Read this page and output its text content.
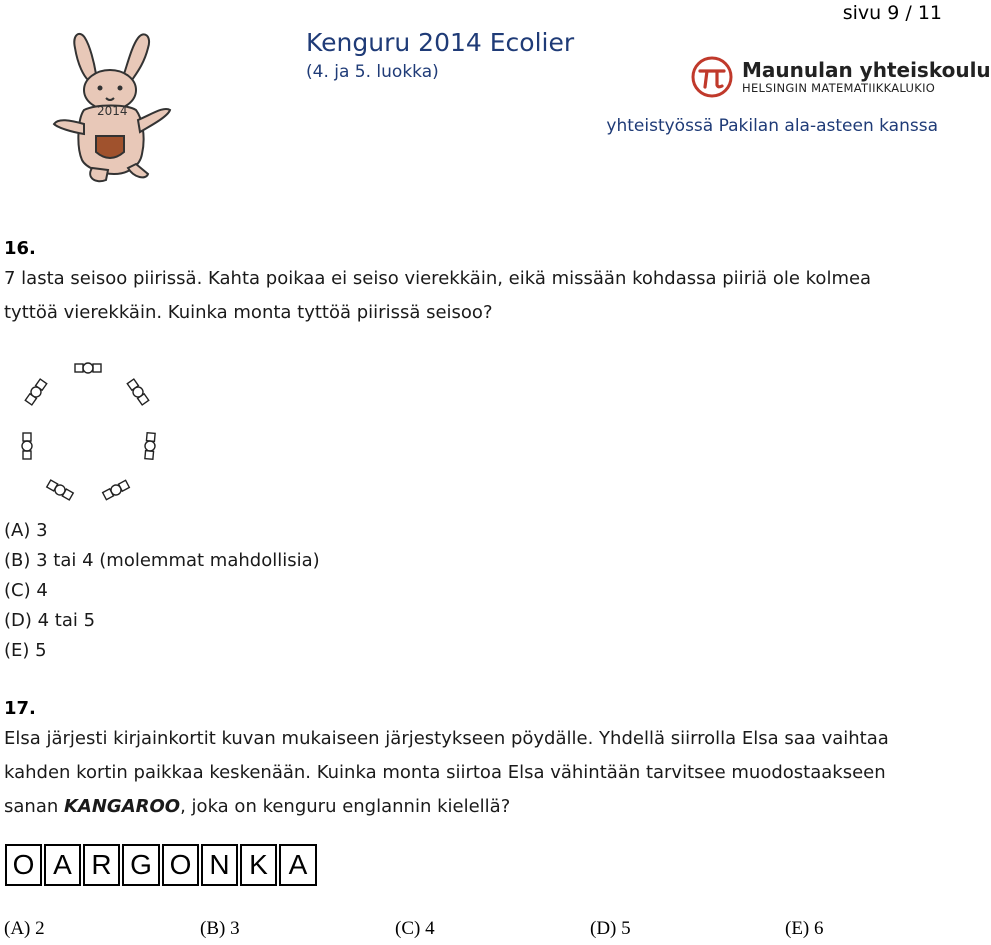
sivu 9 / 11
2014
Kenguru 2014 Ecolier
(4. ja 5. luokka)	Maunulan yhteiskoulu
HELSINGIN MATEMATIIKKALUKIO
yhteistyössä Pakilan ala-asteen kanssa
16.
7 lasta seisoo piirissä. Kahta poikaa ei seiso vierekkäin, eikä missään kohdassa piiriä ole kolmea
tyttöä vierekkäin. Kuinka monta tyttöä piirissä seisoo?
(A) 3
(B) 3 tai 4 (molemmat mahdollisia)
(C) 4
(D) 4 tai 5
(E) 5
17.
Elsa järjesti kirjainkortit kuvan mukaiseen järjestykseen pöydälle. Yhdellä siirrolla Elsa saa vaihtaa
kahden kortin paikkaa keskenään. Kuinka monta siirtoa Elsa vähintään tarvitsee muodostaakseen
sanan KANGAROO, joka on kenguru englannin kielellä?
O A R G O N K A
(A) 2	(B) 3	(C) 4	(D) 5	(E) 6
